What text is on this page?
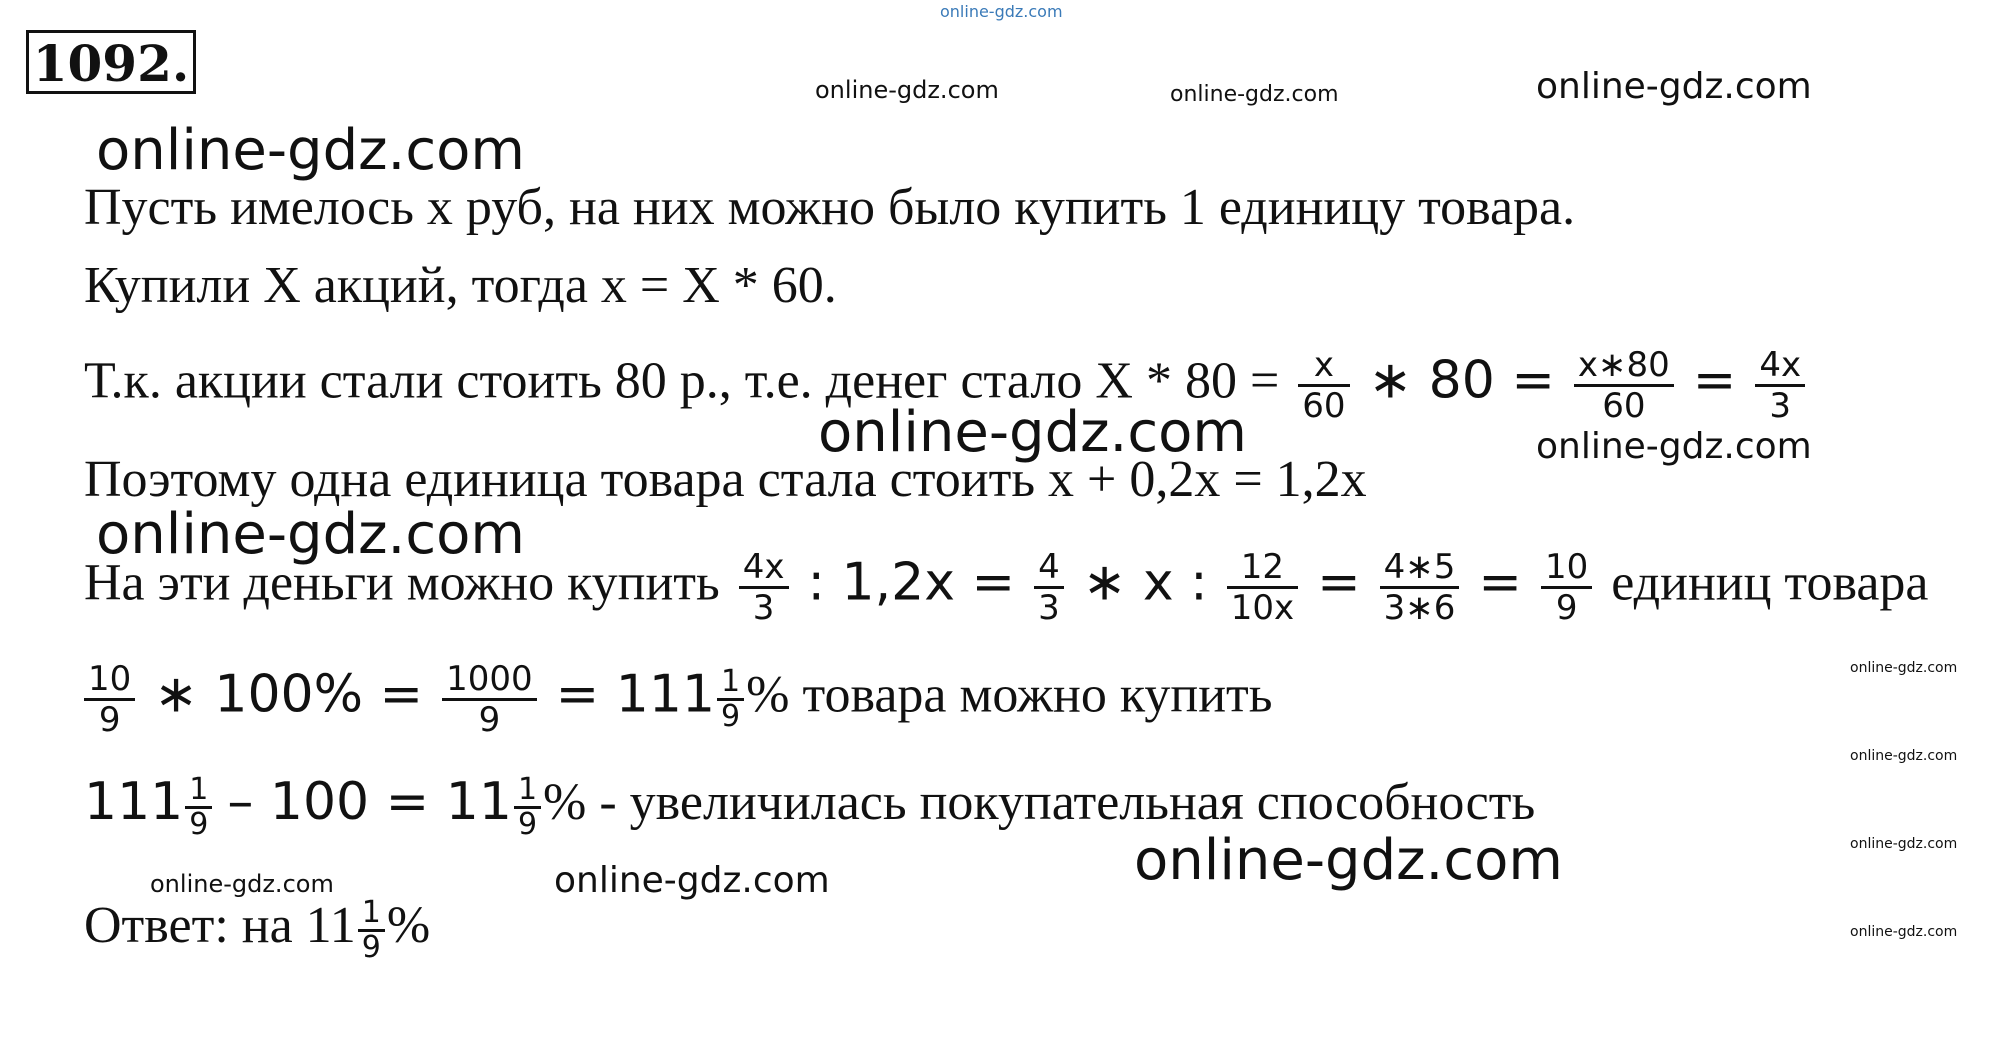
online-gdz.com
1092.	online-gdz.com	online-gdz.com	online-gdz.com
online-gdz.com
Пусть имелось х руб, на них можно было купить 1 единицу товара.
Купили Х акций, тогда х = Х * 60.
Т.к. акции стали стоить 80 р., т.е. денег стало $Х * 80 = \frac{x}{60}$ ∗ $80 = \frac{x∗80}{60} = \frac{4x}{3}$
online-gdz.com	online-gdz.com
Поэтому одна единица товара стала стоить х + 0,2х = 1,2х
online-gdz.com
На эти деньги можно купить $\frac{4x}{3}$ : $1,2x = \frac{4}{3}$ ∗ x : $\frac{12}{10x} = \frac{4∗5}{3∗6} = \frac{10}{9}$ единиц товара
online-gdz.com
$\frac{10}{9}$ ∗ $100\% = \frac{1000}{9} = 111 \frac{1}{9}$ % товара можно купить
online-gdz.com
$111 \frac{1}{9} - 100 = 11 \frac{1}{9}$ % - увеличилась покупательная способность
online-gdz.com
online-gdz.com
online-gdz.com	online-gdz.com
Ответ: на $11 \frac{1}{9}$ %	online-gdz.com
